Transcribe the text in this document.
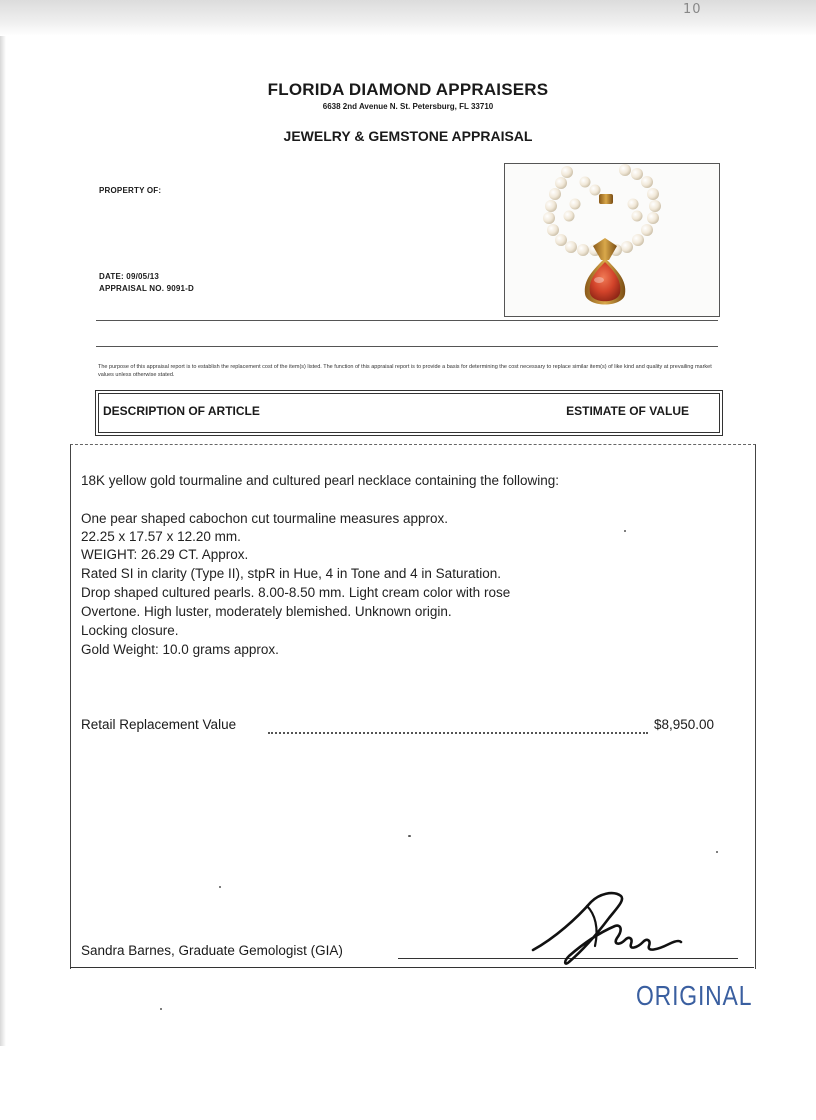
10
FLORIDA DIAMOND APPRAISERS
6638 2nd Avenue N. St. Petersburg, FL 33710
JEWELRY & GEMSTONE APPRAISAL
PROPERTY OF:
DATE: 09/05/13
APPRAISAL NO. 9091-D
The purpose of this appraisal report is to establish the replacement cost of the item(s) listed. The function of this appraisal report is to provide a basis for determining the cost necessary to replace similar item(s) of like kind and quality at prevailing market values unless otherwise stated.
DESCRIPTION OF ARTICLE	ESTIMATE OF VALUE
18K yellow gold tourmaline and cultured pearl necklace containing the following:
One pear shaped cabochon cut tourmaline measures approx.
22.25 x 17.57 x 12.20 mm.
WEIGHT: 26.29 CT. Approx.
Rated SI in clarity (Type II), stpR in Hue, 4 in Tone and 4 in Saturation.
Drop shaped cultured pearls. 8.00-8.50 mm. Light cream color with rose
Overtone. High luster, moderately blemished. Unknown origin.
Locking closure.
Gold Weight: 10.0 grams approx.
Retail Replacement Value	$8,950.00
Sandra Barnes, Graduate Gemologist (GIA)
ORIGINAL
